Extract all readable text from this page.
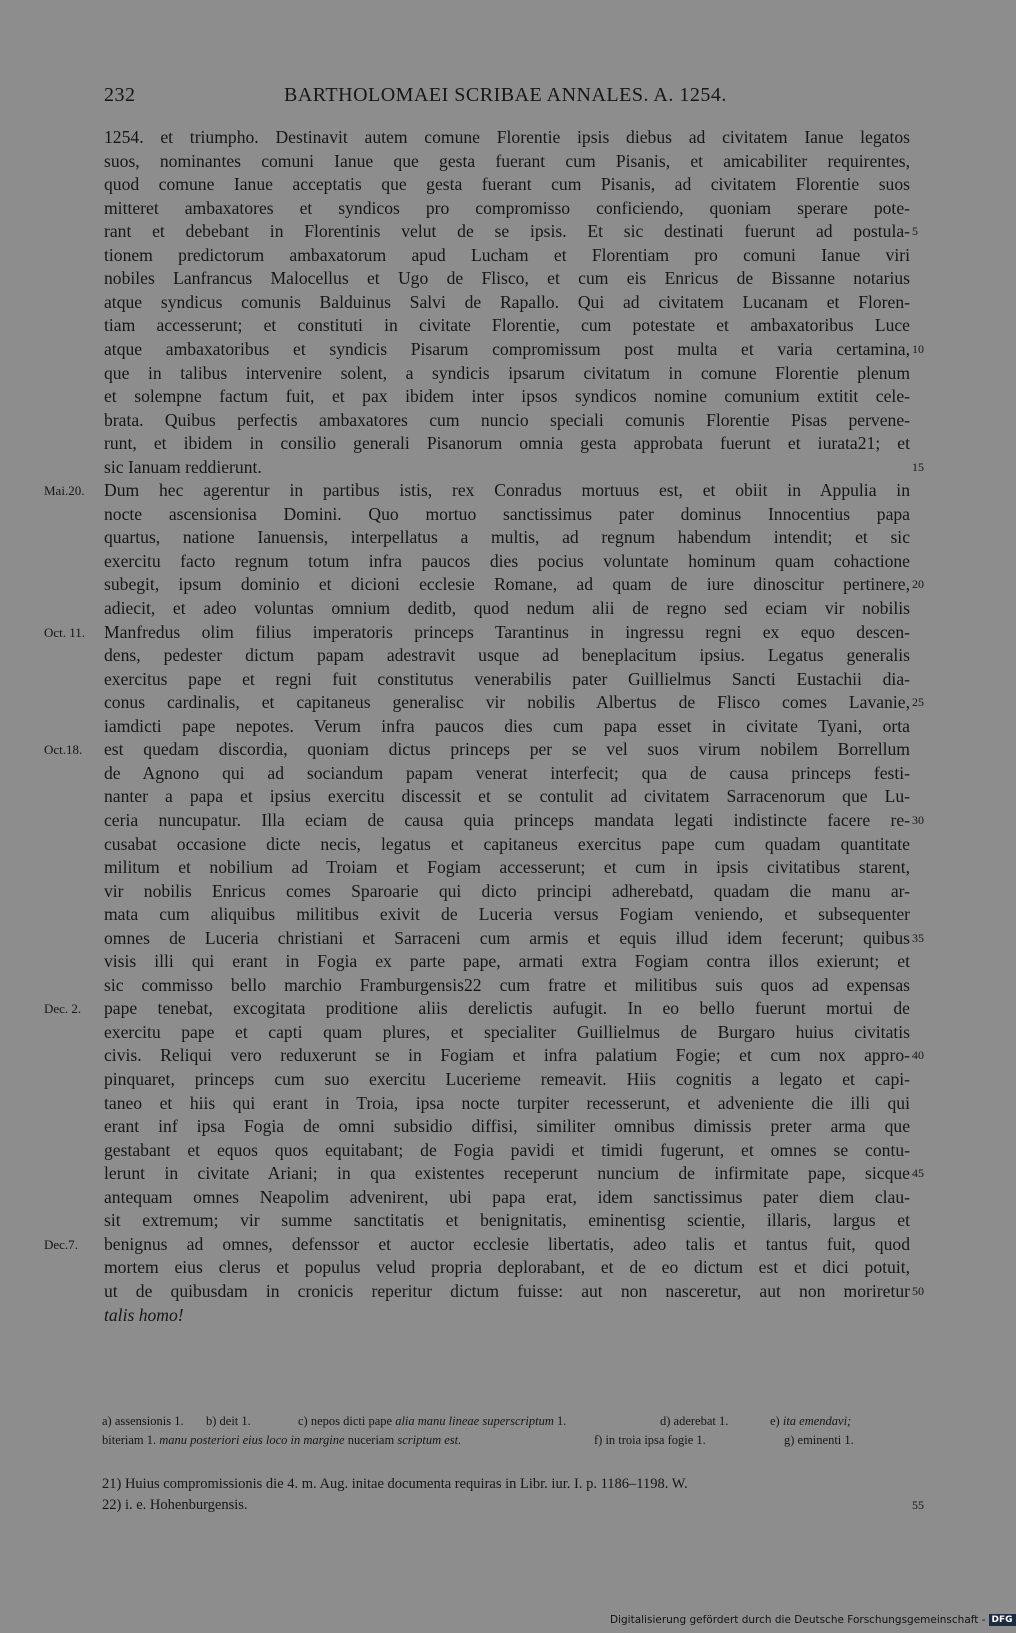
232	BARTHOLOMAEI SCRIBAE ANNALES. A. 1254.
1254. et triumpho. Destinavit autem comune Florentie ipsis diebus ad civitatem Ianue legatos
suos, nominantes comuni Ianue que gesta fuerant cum Pisanis, et amicabiliter requirentes,
quod comune Ianue acceptatis que gesta fuerant cum Pisanis, ad civitatem Florentie suos
mitteret ambaxatores et syndicos pro compromisso conficiendo, quoniam sperare pote-
rant et debebant in Florentinis velut de se ipsis. Et sic destinati fuerunt ad postula-
tionem predictorum ambaxatorum apud Lucham et Florentiam pro comuni Ianue viri
nobiles Lanfrancus Malocellus et Ugo de Flisco, et cum eis Enricus de Bissanne notarius
atque syndicus comunis Balduinus Salvi de Rapallo. Qui ad civitatem Lucanam et Floren-
tiam accesserunt; et constituti in civitate Florentie, cum potestate et ambaxatoribus Luce
atque ambaxatoribus et syndicis Pisarum compromissum post multa et varia certamina,
que in talibus intervenire solent, a syndicis ipsarum civitatum in comune Florentie plenum
et solempne factum fuit, et pax ibidem inter ipsos syndicos nomine comunium extitit cele-
brata. Quibus perfectis ambaxatores cum nuncio speciali comunis Florentie Pisas pervene-
runt, et ibidem in consilio generali Pisanorum omnia gesta approbata fuerunt et iurata21; et
sic Ianuam reddierunt.
Dum hec agerentur in partibus istis, rex Conradus mortuus est, et obiit in Appulia in
nocte ascensionisa Domini. Quo mortuo sanctissimus pater dominus Innocentius papa
quartus, natione Ianuensis, interpellatus a multis, ad regnum habendum intendit; et sic
exercitu facto regnum totum infra paucos dies pocius voluntate hominum quam cohactione
subegit, ipsum dominio et dicioni ecclesie Romane, ad quam de iure dinoscitur pertinere,
adiecit, et adeo voluntas omnium deditb, quod nedum alii de regno sed eciam vir nobilis
Manfredus olim filius imperatoris princeps Tarantinus in ingressu regni ex equo descen-
dens, pedester dictum papam adestravit usque ad beneplacitum ipsius. Legatus generalis
exercitus pape et regni fuit constitutus venerabilis pater Guillielmus Sancti Eustachii dia-
conus cardinalis, et capitaneus generalisc vir nobilis Albertus de Flisco comes Lavanie,
iamdicti pape nepotes. Verum infra paucos dies cum papa esset in civitate Tyani, orta
est quedam discordia, quoniam dictus princeps per se vel suos virum nobilem Borrellum
de Agnono qui ad sociandum papam venerat interfecit; qua de causa princeps festi-
nanter a papa et ipsius exercitu discessit et se contulit ad civitatem Sarracenorum que Lu-
ceria nuncupatur. Illa eciam de causa quia princeps mandata legati indistincte facere re-
cusabat occasione dicte necis, legatus et capitaneus exercitus pape cum quadam quantitate
militum et nobilium ad Troiam et Fogiam accesserunt; et cum in ipsis civitatibus starent,
vir nobilis Enricus comes Sparoarie qui dicto principi adherebatd, quadam die manu ar-
mata cum aliquibus militibus exivit de Luceria versus Fogiam veniendo, et subsequenter
omnes de Luceria christiani et Sarraceni cum armis et equis illud idem fecerunt; quibus
visis illi qui erant in Fogia ex parte pape, armati extra Fogiam contra illos exierunt; et
sic commisso bello marchio Framburgensis22 cum fratre et militibus suis quos ad expensas
pape tenebat, excogitata proditione aliis derelictis aufugit. In eo bello fuerunt mortui de
exercitu pape et capti quam plures, et specialiter Guillielmus de Burgaro huius civitatis
civis. Reliqui vero reduxerunt se in Fogiam et infra palatium Fogie; et cum nox appro-
pinquaret, princeps cum suo exercitu Lucerieme remeavit. Hiis cognitis a legato et capi-
taneo et hiis qui erant in Troia, ipsa nocte turpiter recesserunt, et adveniente die illi qui
erant inf ipsa Fogia de omni subsidio diffisi, similiter omnibus dimissis preter arma que
gestabant et equos quos equitabant; de Fogia pavidi et timidi fugerunt, et omnes se contu-
lerunt in civitate Ariani; in qua existentes receperunt nuncium de infirmitate pape, sicque
antequam omnes Neapolim advenirent, ubi papa erat, idem sanctissimus pater diem clau-
sit extremum; vir summe sanctitatis et benignitatis, eminentisg scientie, illaris, largus et
benignus ad omnes, defenssor et auctor ecclesie libertatis, adeo talis et tantus fuit, quod
mortem eius clerus et populus velud propria deplorabant, et de eo dictum est et dici potuit,
ut de quibusdam in cronicis reperitur dictum fuisse: aut non nasceretur, aut non moriretur
talis homo!
Mai.20.
Oct. 11.
Oct.18.
Dec. 2.
Dec.7.
5
10
15
20
25
30
35
40
45
50
a) assensionis 1. b) deit 1.	c) nepos dicti pape alia manu lineae superscriptum 1.	d) aderebat 1.	e) ita emendavi;
biteriam 1. manu posteriori eius loco in margine nuceriam scriptum est.	f) in troia ipsa fogie 1.	g) eminenti 1.
21) Huius compromissionis die 4. m. Aug. initae documenta requiras in Libr. iur. I. p. 1186–1198. W.
22) i. e. Hohenburgensis.	55
Digitalisierung gefördert durch die Deutsche Forschungsgemeinschaft - DFG
